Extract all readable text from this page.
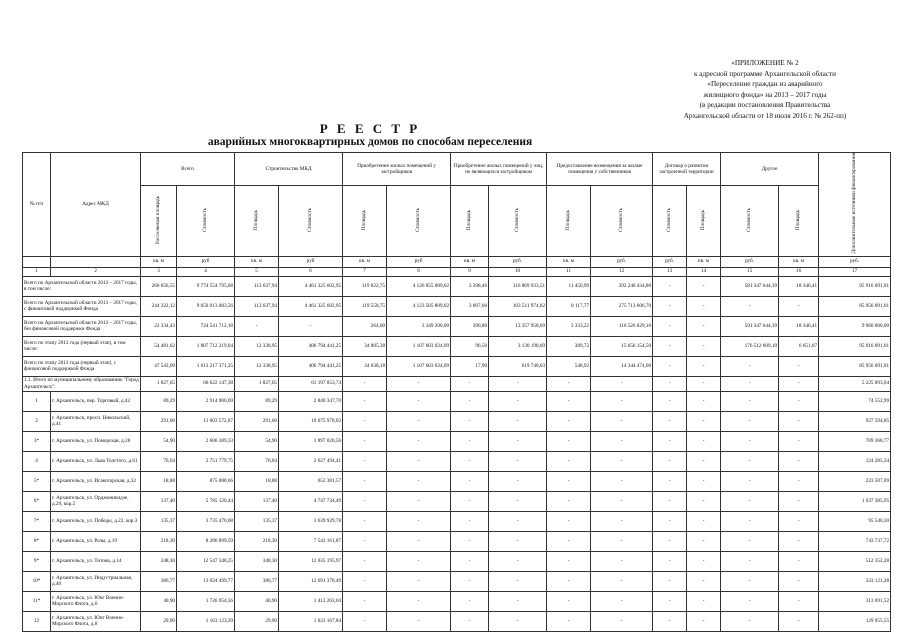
«ПРИЛОЖЕНИЕ № 2
к адресной программе Архангельской области
«Переселение граждан из аварийного
жилищного фонда» на 2013 – 2017 годы
(в редакции постановления Правительства
Архангельской области от 18 июля 2016 г. № 262-пп)
Р Е Е С Т Р
аварийных многоквартирных домов по способам переселения
№ п/п	Адрес МКД	Всего		Строительство МКД		Приобретение жилых помещений у застройщиков		Приобретение жилых помещений у лиц, не являющихся застройщиком		Предоставление возмещения за жилые помещения у собственников		Договор о развитии застроенной территории		Другое		Дополнительные источники финансирования
		Расселяемая площадь	Стоимость	Площадь	Стоимость	Площадь	Стоимость	Площадь	Стоимость	Площадь	Стоимость	Стоимость	Площадь	Стоимость	Площадь	
		кв. м	руб	кв. м	руб	кв. м	руб	кв. м	руб.	кв. м	руб.	руб.	кв. м	руб.	кв. м	руб.
1	2	3	4	5	6	7	8	9	10	11	12	13	14	15	16	17
Всего по Архангельской области 2013 – 2017 годы, в том числе:		266 656,55	9 774 554 795,68	113 637,94	4 461 325 602,95	119 822,75	4 126 855 009,02	3 398,46	116 869 933,51	11 450,99	392 240 434,80	-	-	581 347 644,39	18 346,41	95 916 091,01
Всего по Архангельской области 2013 – 2017 годы, с финансовой поддержкой Фонда		244 322,12	9 050 013 083,56	113 637,94	4 461 325 602,95	119 558,75	4 123 505 809,02	3 007,66	103 511 974,82	8 117,77	275 713 606,70	-	-	-	-	85 956 091,01
Всего по Архангельской области 2013 – 2017 годы, без финансовой поддержки Фонда		22 334,43	724 541 712,18	-	-	264,00	3 349 200,00	390,80	13 357 958,69	3 333,22	116 526 829,10	-	-	591 347 644,39	18 346,41	9 960 000,00
Всего по этапу 2013 года (первый этап), в том числе:		54 481,62	1 807 712 219,04	12 338,95	406 794 441,25	34 805,38	1 107 603 024,09	96,50	3 130 198,69	389,72	15 656 154,50	-	-	176 512 609,10	6 651,07	95 916 091,01
Всего по этапу 2013 года (первый этап), с финансовой поддержкой Фонда		47 543,09	1 613 217 371,25	12 338,95	406 794 441,25	34 638,18	1 107 603 024,09	17,90	619 740,03	548,92	14 344 474,00	-	-	-	-	85 956 091,01
1.1. Итого по муниципальному образованию "Город Архангельск":		1 827,65	66 622 147,38	1 827,65	61 197 053,74	-	-	-	-	-	-	-	-	-	-	5 225 093,64
1	г. Архангельск, пер. Торговый, д.42	89,29	2 914 900,69	89,29	2 840 347,70	-	-	-	-	-	-	-	-	-	-	74 552,99
2	г. Архангельск, просп. Никольский, д.41	291,60	11 003 572,87	291,60	10 075 978,02	-	-	-	-	-	-	-	-	-	-	927 594,85
3*	г. Архангельск, ул. Поморская, д.28	54,90	2 606 389,33	54,90	1 897 020,56	-	-	-	-	-	-	-	-	-	-	709 368,77
4	г. Архангельск, ул. Льва Толстого, д.61	76,04	2 751 779,75	76,04	2 627 494,41	-	-	-	-	-	-	-	-	-	-	124 285,34
5*	г. Архангельск, ул. Исакогорская, д.32	18,88	875 888,66	18,88	652 381,57	-	-	-	-	-	-	-	-	-	-	223 507,09
6*	г. Архангельск, ул. Орджоникидзе, д.29, кор.2	137,40	5 785 120,44	137,40	4 747 734,49	-	-	-	-	-	-	-	-	-	-	1 037 385,95
7*	г. Архангельск, ул. Победы, д.22, кор.3	135,37	3 735 470,08	135,37	3 639 929,78	-	-	-	-	-	-	-	-	-	-	95 540,30
8*	г. Архангельск, ул. Розы, д.19	218,30	8 286 899,59	218,30	7 543 161,87	-	-	-	-	-	-	-	-	-	-	743 737,72
9*	г. Архангельск, ул. Титова, д.14	348,30	12 547 348,25	348,30	12 035 195,97	-	-	-	-	-	-	-	-	-	-	512 352,28
10*	г. Архангельск, ул. Индустриальная, д.40	386,77	13 024 499,77	386,77	12 691 378,49	-	-	-	-	-	-	-	-	-	-	333 121,28
11*	г. Архангельск, ул. Юнг Военно-Морского Флота, д.6	40,90	1 726 954,56	40,90	1 413 263,04	-	-	-	-	-	-	-	-	-	-	313 691,52
12	г. Архангельск, ул. Юнг Военно-Морского Флота, д.8	29,90	1 163 123,39	29,90	1 033 167,84	-	-	-	-	-	-	-	-	-	-	129 955,55
